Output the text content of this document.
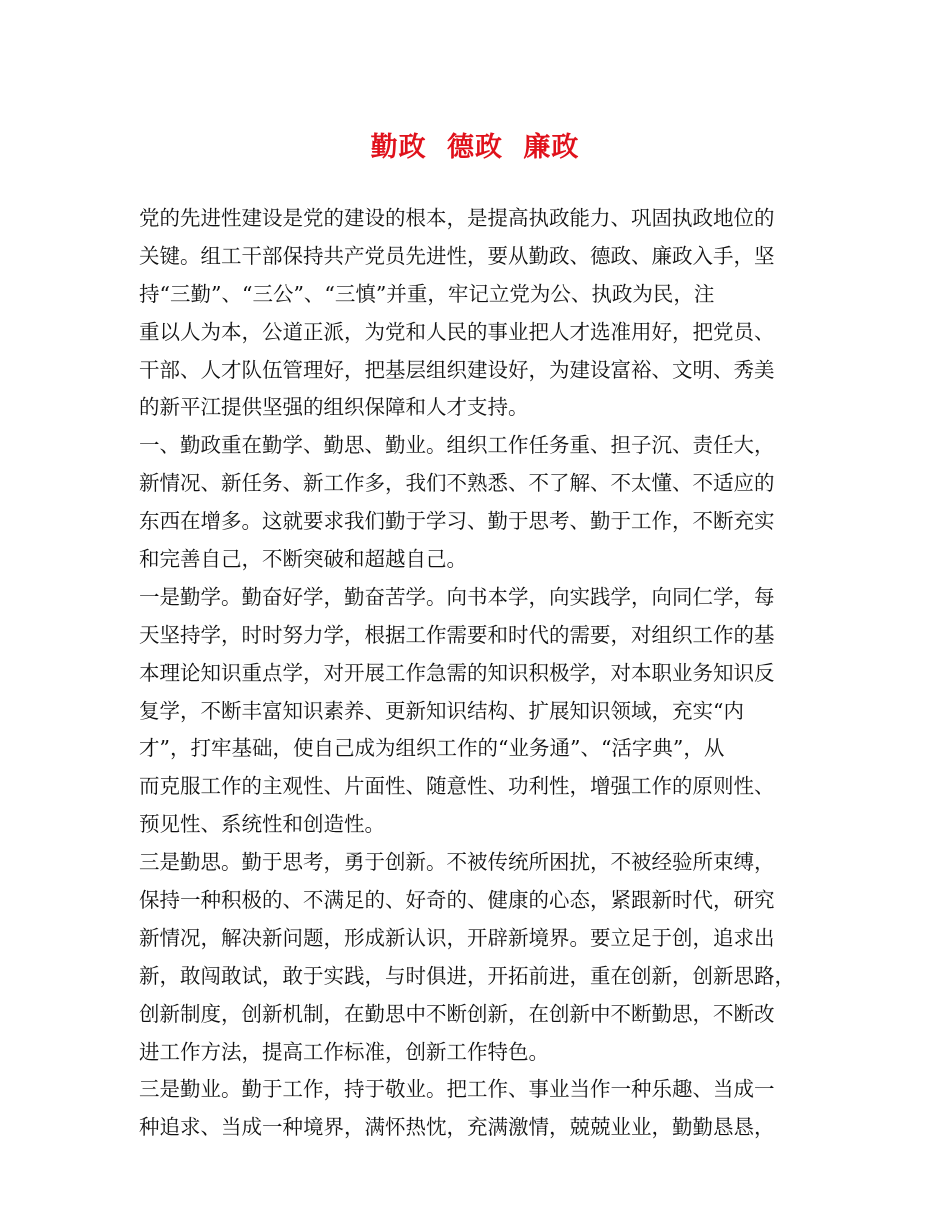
勤政 德政 廉政
党的先进性建设是党的建设的根本，是提高执政能力、巩固执政地位的
关键。组工干部保持共产党员先进性，要从勤政、德政、廉政入手，坚
持“三勤”、“三公”、“三慎”并重，牢记立党为公、执政为民，注
重以人为本，公道正派，为党和人民的事业把人才选准用好，把党员、
干部、人才队伍管理好，把基层组织建设好，为建设富裕、文明、秀美
的新平江提供坚强的组织保障和人才支持。
一、勤政重在勤学、勤思、勤业。组织工作任务重、担子沉、责任大，
新情况、新任务、新工作多，我们不熟悉、不了解、不太懂、不适应的
东西在增多。这就要求我们勤于学习、勤于思考、勤于工作，不断充实
和完善自己，不断突破和超越自己。
一是勤学。勤奋好学，勤奋苦学。向书本学，向实践学，向同仁学，每
天坚持学，时时努力学，根据工作需要和时代的需要，对组织工作的基
本理论知识重点学，对开展工作急需的知识积极学，对本职业务知识反
复学，不断丰富知识素养、更新知识结构、扩展知识领域，充实“内
才”，打牢基础，使自己成为组织工作的“业务通”、“活字典”，从
而克服工作的主观性、片面性、随意性、功利性，增强工作的原则性、
预见性、系统性和创造性。
三是勤思。勤于思考，勇于创新。不被传统所困扰，不被经验所束缚，
保持一种积极的、不满足的、好奇的、健康的心态，紧跟新时代，研究
新情况，解决新问题，形成新认识，开辟新境界。要立足于创，追求出
新，敢闯敢试，敢于实践，与时俱进，开拓前进，重在创新，创新思路，
创新制度，创新机制，在勤思中不断创新，在创新中不断勤思，不断改
进工作方法，提高工作标准，创新工作特色。
三是勤业。勤于工作，持于敬业。把工作、事业当作一种乐趣、当成一
种追求、当成一种境界，满怀热忱，充满激情，兢兢业业，勤勤恳恳，
